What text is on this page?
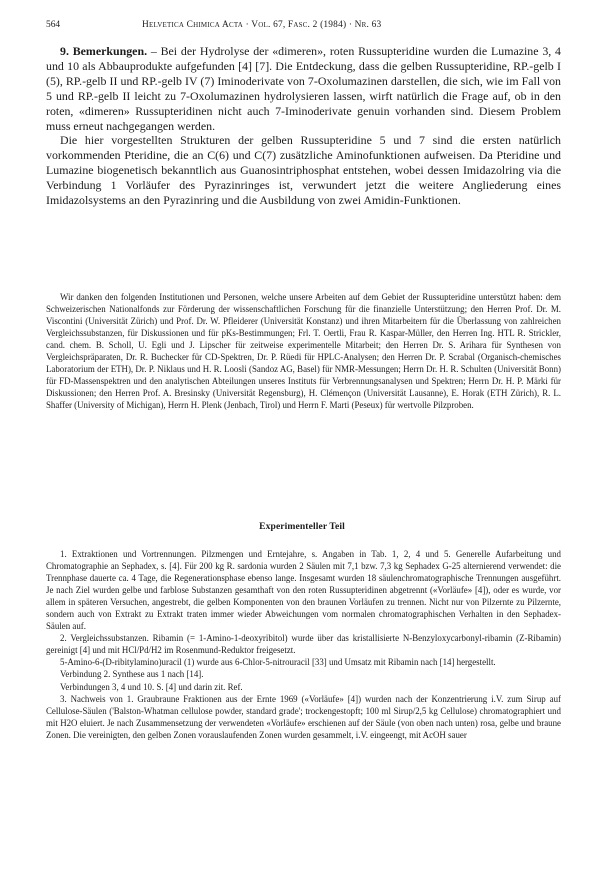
564	Helvetica Chimica Acta · Vol. 67, Fasc. 2 (1984) · Nr. 63

9. Bemerkungen. – Bei der Hydrolyse der «dimeren», roten Russupteridine wurden die Lumazine 3, 4 und 10 als Abbauprodukte aufgefunden [4] [7]. Die Entdeckung, dass die gelben Russupteridine, RP.-gelb I (5), RP.-gelb II und RP.-gelb IV (7) Iminoderivate von 7-Oxolumazinen darstellen, die sich, wie im Fall von 5 und RP.-gelb II leicht zu 7-Oxolumazinen hydrolysieren lassen, wirft natürlich die Frage auf, ob in den roten, «dimeren» Russupteridinen nicht auch 7-Iminoderivate genuin vorhanden sind. Diesem Problem muss erneut nachgegangen werden.

Die hier vorgestellten Strukturen der gelben Russupteridine 5 und 7 sind die ersten natürlich vorkommenden Pteridine, die an C(6) und C(7) zusätzliche Aminofunktionen aufweisen. Da Pteridine und Lumazine biogenetisch bekanntlich aus Guanosintriphosphat entstehen, wobei dessen Imidazolring via die Verbindung 1 Vorläufer des Pyrazinringes ist, verwundert jetzt die weitere Angliederung eines Imidazolsystems an den Pyrazinring und die Ausbildung von zwei Amidin-Funktionen.

Wir danken den folgenden Institutionen und Personen, welche unsere Arbeiten auf dem Gebiet der Russupteridine unterstützt haben: dem Schweizerischen Nationalfonds zur Förderung der wissenschaftlichen Forschung für die finanzielle Unterstützung; den Herren Prof. Dr. M. Viscontini (Universität Zürich) und Prof. Dr. W. Pfleiderer (Universität Konstanz) und ihren Mitarbeitern für die Überlassung von zahlreichen Vergleichssubstanzen, für Diskussionen und für pKs-Bestimmungen; Frl. T. Oertli, Frau R. Kaspar-Müller, den Herren Ing. HTL R. Strickler, cand. chem. B. Scholl, U. Egli und J. Lipscher für zeitweise experimentelle Mitarbeit; den Herren Dr. S. Arihara für Synthesen von Vergleichspräparaten, Dr. R. Buchecker für CD-Spektren, Dr. P. Rüedi für HPLC-Analysen; den Herren Dr. P. Scrabal (Organisch-chemisches Laboratorium der ETH), Dr. P. Niklaus und H. R. Loosli (Sandoz AG, Basel) für NMR-Messungen; Herrn Dr. H. R. Schulten (Universität Bonn) für FD-Massenspektren und den analytischen Abteilungen unseres Instituts für Verbrennungsanalysen und Spektren; Herrn Dr. H. P. Märki für Diskussionen; den Herren Prof. A. Bresinsky (Universität Regensburg), H. Clémençon (Universität Lausanne), E. Horak (ETH Zürich), R. L. Shaffer (University of Michigan), Herrn H. Plenk (Jenbach, Tirol) und Herrn F. Marti (Peseux) für wertvolle Pilzproben.

Experimenteller Teil

1. Extraktionen und Vortrennungen. Pilzmengen und Erntejahre, s. Angaben in Tab. 1, 2, 4 und 5. Generelle Aufarbeitung und Chromatographie an Sephadex, s. [4]. Für 200 kg R. sardonia wurden 2 Säulen mit 7,1 bzw. 7,3 kg Sephadex G-25 alternierend verwendet: die Trennphase dauerte ca. 4 Tage, die Regenerationsphase ebenso lange. Insgesamt wurden 18 säulenchromatographische Trennungen ausgeführt. Je nach Ziel wurden gelbe und farblose Substanzen gesamthaft von den roten Russupteridinen abgetrennt («Vorläufe» [4]), oder es wurde, vor allem in späteren Versuchen, angestrebt, die gelben Komponenten von den braunen Vorläufen zu trennen. Nicht nur von Pilzernte zu Pilzernte, sondern auch von Extrakt zu Extrakt traten immer wieder Abweichungen vom normalen chromatographischen Verhalten in den Sephadex-Säulen auf.

2. Vergleichssubstanzen. Ribamin (= 1-Amino-1-deoxyribitol) wurde über das kristallisierte N-Benzyloxycarbonyl-ribamin (Z-Ribamin) gereinigt [4] und mit HCl/Pd/H2 im Rosenmund-Reduktor freigesetzt.

5-Amino-6-(D-ribitylamino)uracil (1) wurde aus 6-Chlor-5-nitrouracil [33] und Umsatz mit Ribamin nach [14] hergestellt.

Verbindung 2. Synthese aus 1 nach [14].

Verbindungen 3, 4 und 10. S. [4] und darin zit. Ref.

3. Nachweis von 1. Graubraune Fraktionen aus der Ernte 1969 («Vorläufe» [4]) wurden nach der Konzentrierung i.V. zum Sirup auf Cellulose-Säulen ('Balston-Whatman cellulose powder, standard grade'; trockengestopft; 100 ml Sirup/2,5 kg Cellulose) chromatographiert und mit H2O eluiert. Je nach Zusammensetzung der verwendeten «Vorläufe» erschienen auf der Säule (von oben nach unten) rosa, gelbe und braune Zonen. Die vereinigten, den gelben Zonen vorauslaufenden Zonen wurden gesammelt, i.V. eingeengt, mit AcOH sauer
